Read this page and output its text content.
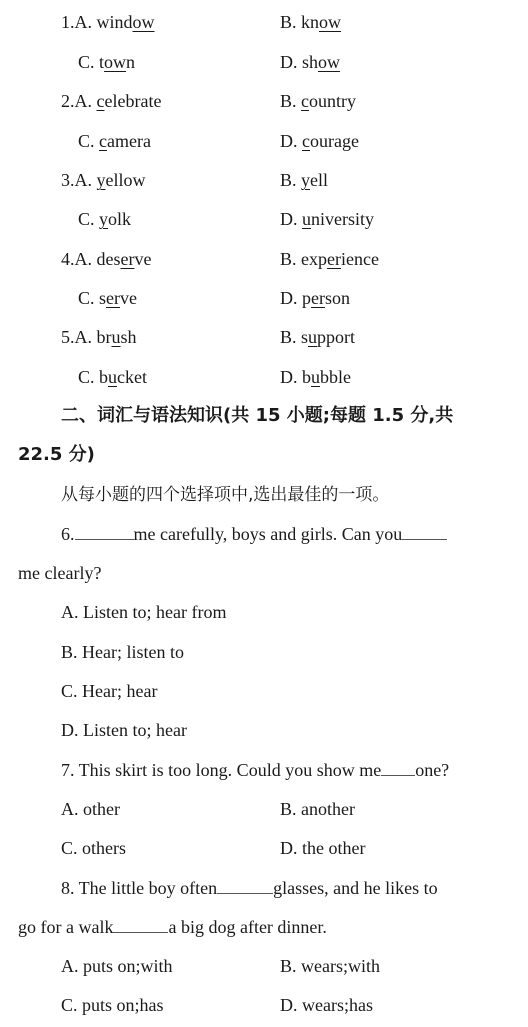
1.A. window	B. know
C. town	D. show
2.A. celebrate	B. country
C. camera	D. courage
3.A. yellow	B. yell
C. yolk	D. university
4.A. deserve	B. experience
C. serve	D. person
5.A. brush	B. support
C. bucket	D. bubble
二、词汇与语法知识(共 15 小题;每题 1.5 分,共
22.5 分)
从每小题的四个选择项中,选出最佳的一项。
6.	me carefully, boys and girls. Can you
me clearly?
A. Listen to; hear from
B. Hear; listen to
C. Hear; hear
D. Listen to; hear
7. This skirt is too long. Could you show me one?
A. other	B. another
C. others	D. the other
8. The little boy often	glasses, and he likes to
go for a walk	a big dog after dinner.
A. puts on;with	B. wears;with
C. puts on;has	D. wears;has
